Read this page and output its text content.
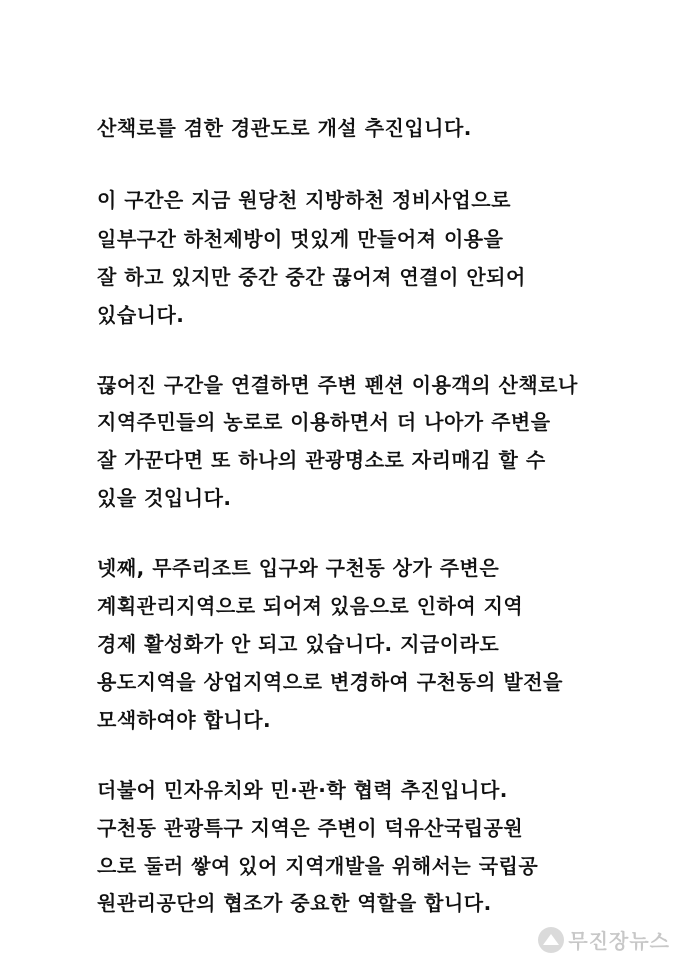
산책로를 겸한 경관도로 개설 추진입니다.
이 구간은 지금 원당천 지방하천 정비사업으로
일부구간 하천제방이 멋있게 만들어져 이용을
잘 하고 있지만 중간 중간 끊어져 연결이 안되어
있습니다.
끊어진 구간을 연결하면 주변 펜션 이용객의 산책로나
지역주민들의 농로로 이용하면서 더 나아가 주변을
잘 가꾼다면 또 하나의 관광명소로 자리매김 할 수
있을 것입니다.
넷째, 무주리조트 입구와 구천동 상가 주변은
계획관리지역으로 되어져 있음으로 인하여 지역
경제 활성화가 안 되고 있습니다. 지금이라도
용도지역을 상업지역으로 변경하여 구천동의 발전을
모색하여야 합니다.
더불어 민자유치와 민·관·학 협력 추진입니다.
구천동 관광특구 지역은 주변이 덕유산국립공원
으로 둘러 쌓여 있어 지역개발을 위해서는 국립공
원관리공단의 협조가 중요한 역할을 합니다.
무진장뉴스
